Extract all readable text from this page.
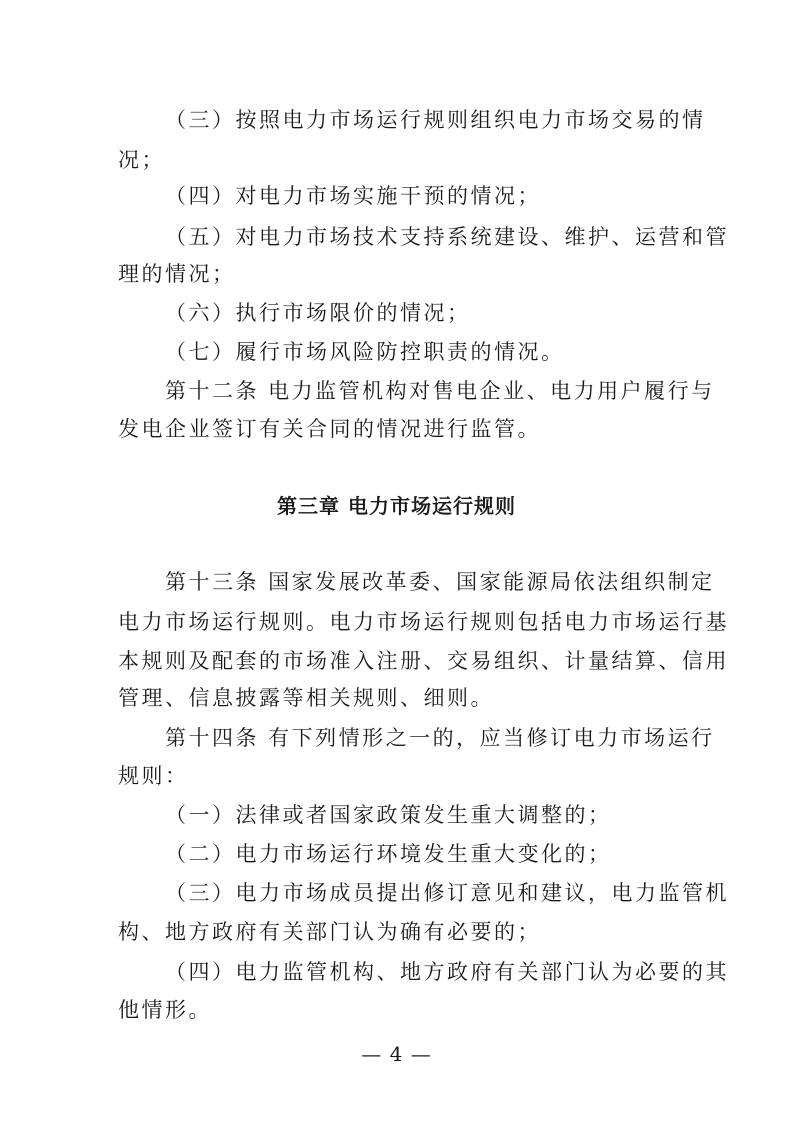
（三）按照电力市场运行规则组织电力市场交易的情
况；
（四）对电力市场实施干预的情况；
（五）对电力市场技术支持系统建设、维护、运营和管
理的情况；
（六）执行市场限价的情况；
（七）履行市场风险防控职责的情况。
第十二条 电力监管机构对售电企业、电力用户履行与
发电企业签订有关合同的情况进行监管。
第三章 电力市场运行规则
第十三条 国家发展改革委、国家能源局依法组织制定
电力市场运行规则。电力市场运行规则包括电力市场运行基
本规则及配套的市场准入注册、交易组织、计量结算、信用
管理、信息披露等相关规则、细则。
第十四条 有下列情形之一的，应当修订电力市场运行
规则：
（一）法律或者国家政策发生重大调整的；
（二）电力市场运行环境发生重大变化的；
（三）电力市场成员提出修订意见和建议，电力监管机
构、地方政府有关部门认为确有必要的；
（四）电力监管机构、地方政府有关部门认为必要的其
他情形。
— 4 —
